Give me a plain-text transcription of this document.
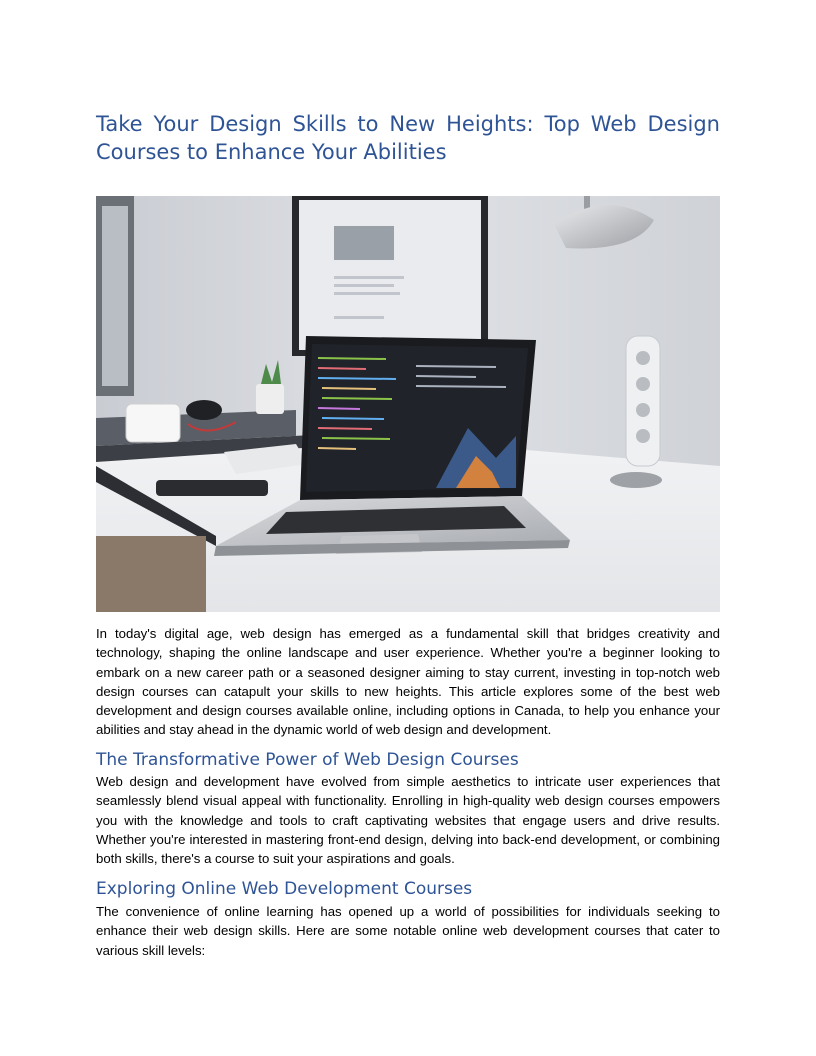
Take Your Design Skills to New Heights: Top Web Design Courses to Enhance Your Abilities

In today's digital age, web design has emerged as a fundamental skill that bridges creativity and technology, shaping the online landscape and user experience. Whether you're a beginner looking to embark on a new career path or a seasoned designer aiming to stay current, investing in top-notch web design courses can catapult your skills to new heights. This article explores some of the best web development and design courses available online, including options in Canada, to help you enhance your abilities and stay ahead in the dynamic world of web design and development.

The Transformative Power of Web Design Courses

Web design and development have evolved from simple aesthetics to intricate user experiences that seamlessly blend visual appeal with functionality. Enrolling in high-quality web design courses empowers you with the knowledge and tools to craft captivating websites that engage users and drive results. Whether you're interested in mastering front-end design, delving into back-end development, or combining both skills, there's a course to suit your aspirations and goals.

Exploring Online Web Development Courses

The convenience of online learning has opened up a world of possibilities for individuals seeking to enhance their web design skills. Here are some notable online web development courses that cater to various skill levels:
